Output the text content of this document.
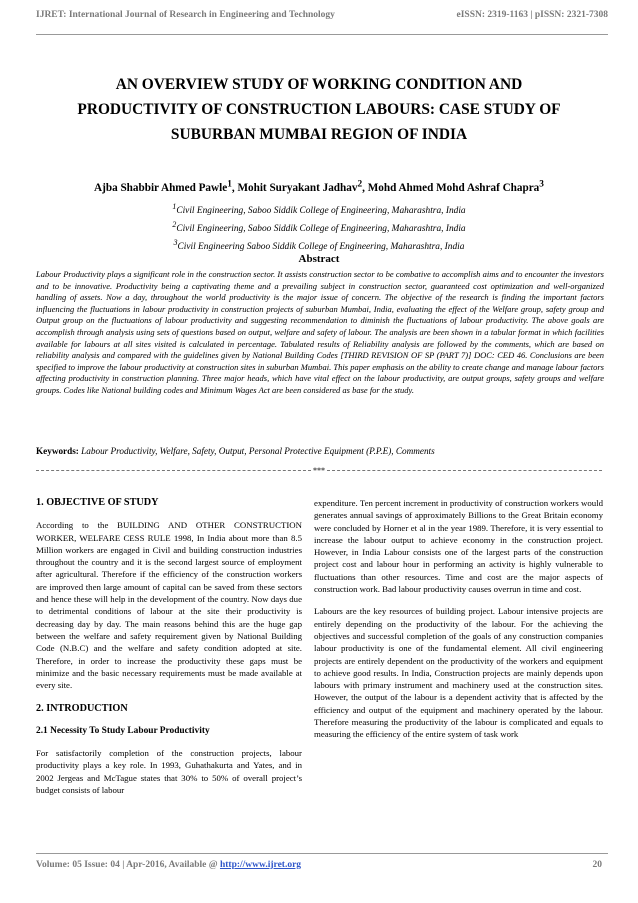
IJRET: International Journal of Research in Engineering and Technology	eISSN: 2319-1163 | pISSN: 2321-7308
AN OVERVIEW STUDY OF WORKING CONDITION AND
PRODUCTIVITY OF CONSTRUCTION LABOURS: CASE STUDY OF
SUBURBAN MUMBAI REGION OF INDIA
Ajba Shabbir Ahmed Pawle$^1$, Mohit Suryakant Jadhav$^2$, Mohd Ahmed Mohd Ashraf Chapra$^3$
$^1$Civil Engineering, Saboo Siddik College of Engineering, Maharashtra, India
$^2$Civil Engineering, Saboo Siddik College of Engineering, Maharashtra, India
$^3$Civil Engineering Saboo Siddik College of Engineering, Maharashtra, India
Abstract
Labour Productivity plays a significant role in the construction sector. It assists construction sector to be combative to accomplish aims and to encounter the investors and to be innovative. Productivity being a captivating theme and a prevailing subject in construction sector, guaranteed cost optimization and well-organized handling of assets. Now a day, throughout the world productivity is the major issue of concern. The objective of the research is finding the important factors influencing the fluctuations in labour productivity in construction projects of suburban Mumbai, India, evaluating the effect of the Welfare group, safety group and Output group on the fluctuations of labour productivity and suggesting recommendation to diminish the fluctuations of labour productivity. The above goals are accomplish through analysis using sets of questions based on output, welfare and safety of labour. The analysis are been shown in a tabular format in which facilities available for labours at all sites visited is calculated in percentage. Tabulated results of Reliability analysis are followed by the comments, which are based on reliability analysis and compared with the guidelines given by National Building Codes [THIRD REVISION OF SP (PART 7)] DOC: CED 46. Conclusions are been specified to improve the labour productivity at construction sites in suburban Mumbai. This paper emphasis on the ability to create change and manage labour factors affecting productivity in construction planning. Three major heads, which have vital effect on the labour productivity, are output groups, safety groups and welfare groups. Codes like National building codes and Minimum Wages Act are been considered as base for the study.
Keywords: Labour Productivity, Welfare, Safety, Output, Personal Protective Equipment (P.P.E), Comments
***
1. OBJECTIVE OF STUDY

According to the BUILDING AND OTHER CONSTRUCTION WORKER, WELFARE CESS RULE 1998, In India about more than 8.5 Million workers are engaged in Civil and building construction industries throughout the country and it is the second largest source of employment after agricultural. Therefore if the efficiency of the construction workers are improved then large amount of capital can be saved from these sectors and hence these will help in the development of the country. Now days due to detrimental conditions of labour at the site their productivity is decreasing day by day. The main reasons behind this are the huge gap between the welfare and safety requirement given by National Building Code (N.B.C) and the welfare and safety condition adopted at site. Therefore, in order to increase the productivity these gaps must be minimize and the basic necessary requirements must be made available at every site.

2. INTRODUCTION
2.1 Necessity To Study Labour Productivity

For satisfactorily completion of the construction projects, labour productivity plays a key role. In 1993, Guhathakurta and Yates, and in 2002 Jergeas and McTague states that 30% to 50% of overall project’s budget consists of labour

expenditure. Ten percent increment in productivity of construction workers would generates annual savings of approximately Billions to the Great Britain economy were concluded by Horner et al in the year 1989. Therefore, it is very essential to increase the labour output to achieve economy in the construction project. However, in India Labour consists one of the largest parts of the construction project cost and labour hour in performing an activity is highly vulnerable to fluctuations than other resources. Time and cost are the major aspects of construction work. Bad labour productivity causes overrun in time and cost.

Labours are the key resources of building project. Labour intensive projects are entirely depending on the productivity of the labour. For the achieving the objectives and successful completion of the goals of any construction companies labour productivity is one of the fundamental element. All civil engineering projects are entirely dependent on the productivity of the workers and equipment to achieve good results. In India, Construction projects are mainly depends upon labours with primary instrument and machinery used at the construction sites. However, the output of the labour is a dependent activity that is affected by the efficiency and output of the equipment and machinery operated by the labour. Therefore measuring the productivity of the labour is complicated and equals to measuring the efficiency of the entire system of task work

Volume: 05 Issue: 04 | Apr-2016, Available @ http://www.ijret.org	20
